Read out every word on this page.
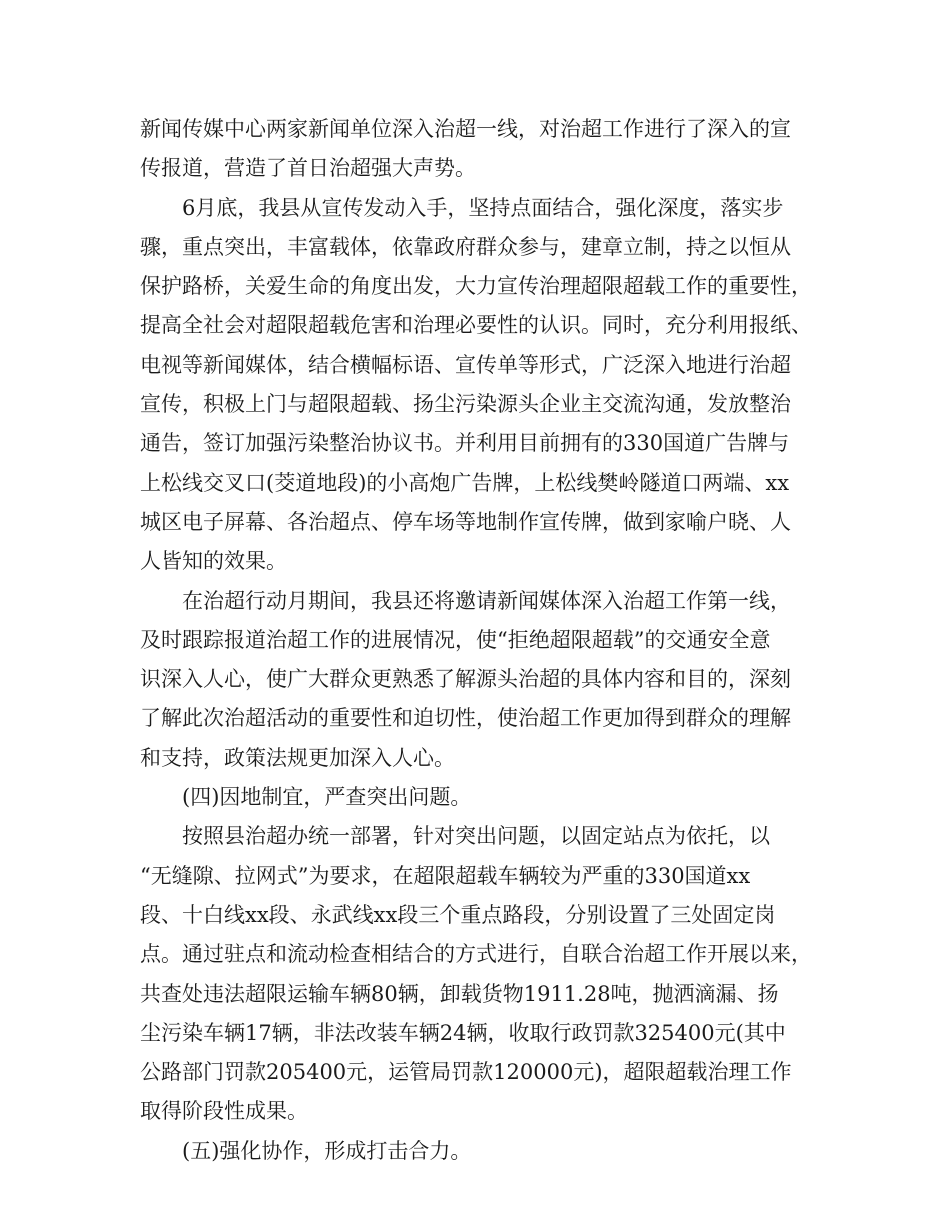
新闻传媒中心两家新闻单位深入治超一线，对治超工作进行了深入的宣
传报道，营造了首日治超强大声势。
6月底，我县从宣传发动入手，坚持点面结合，强化深度，落实步
骤，重点突出，丰富载体，依靠政府群众参与，建章立制，持之以恒从
保护路桥，关爱生命的角度出发，大力宣传治理超限超载工作的重要性，
提高全社会对超限超载危害和治理必要性的认识。同时，充分利用报纸、
电视等新闻媒体，结合横幅标语、宣传单等形式，广泛深入地进行治超
宣传，积极上门与超限超载、扬尘污染源头企业主交流沟通，发放整治
通告，签订加强污染整治协议书。并利用目前拥有的330国道广告牌与
上松线交叉口(茭道地段)的小高炮广告牌，上松线樊岭隧道口两端、xx
城区电子屏幕、各治超点、停车场等地制作宣传牌，做到家喻户晓、人
人皆知的效果。
在治超行动月期间，我县还将邀请新闻媒体深入治超工作第一线，
及时跟踪报道治超工作的进展情况，使“拒绝超限超载”的交通安全意
识深入人心，使广大群众更熟悉了解源头治超的具体内容和目的，深刻
了解此次治超活动的重要性和迫切性，使治超工作更加得到群众的理解
和支持，政策法规更加深入人心。
(四)因地制宜，严查突出问题。
按照县治超办统一部署，针对突出问题，以固定站点为依托，以
“无缝隙、拉网式”为要求，在超限超载车辆较为严重的330国道xx
段、十白线xx段、永武线xx段三个重点路段，分别设置了三处固定岗
点。通过驻点和流动检查相结合的方式进行，自联合治超工作开展以来，
共查处违法超限运输车辆80辆，卸载货物1911.28吨，抛洒滴漏、扬
尘污染车辆17辆，非法改装车辆24辆，收取行政罚款325400元(其中
公路部门罚款205400元，运管局罚款120000元)，超限超载治理工作
取得阶段性成果。
(五)强化协作，形成打击合力。
